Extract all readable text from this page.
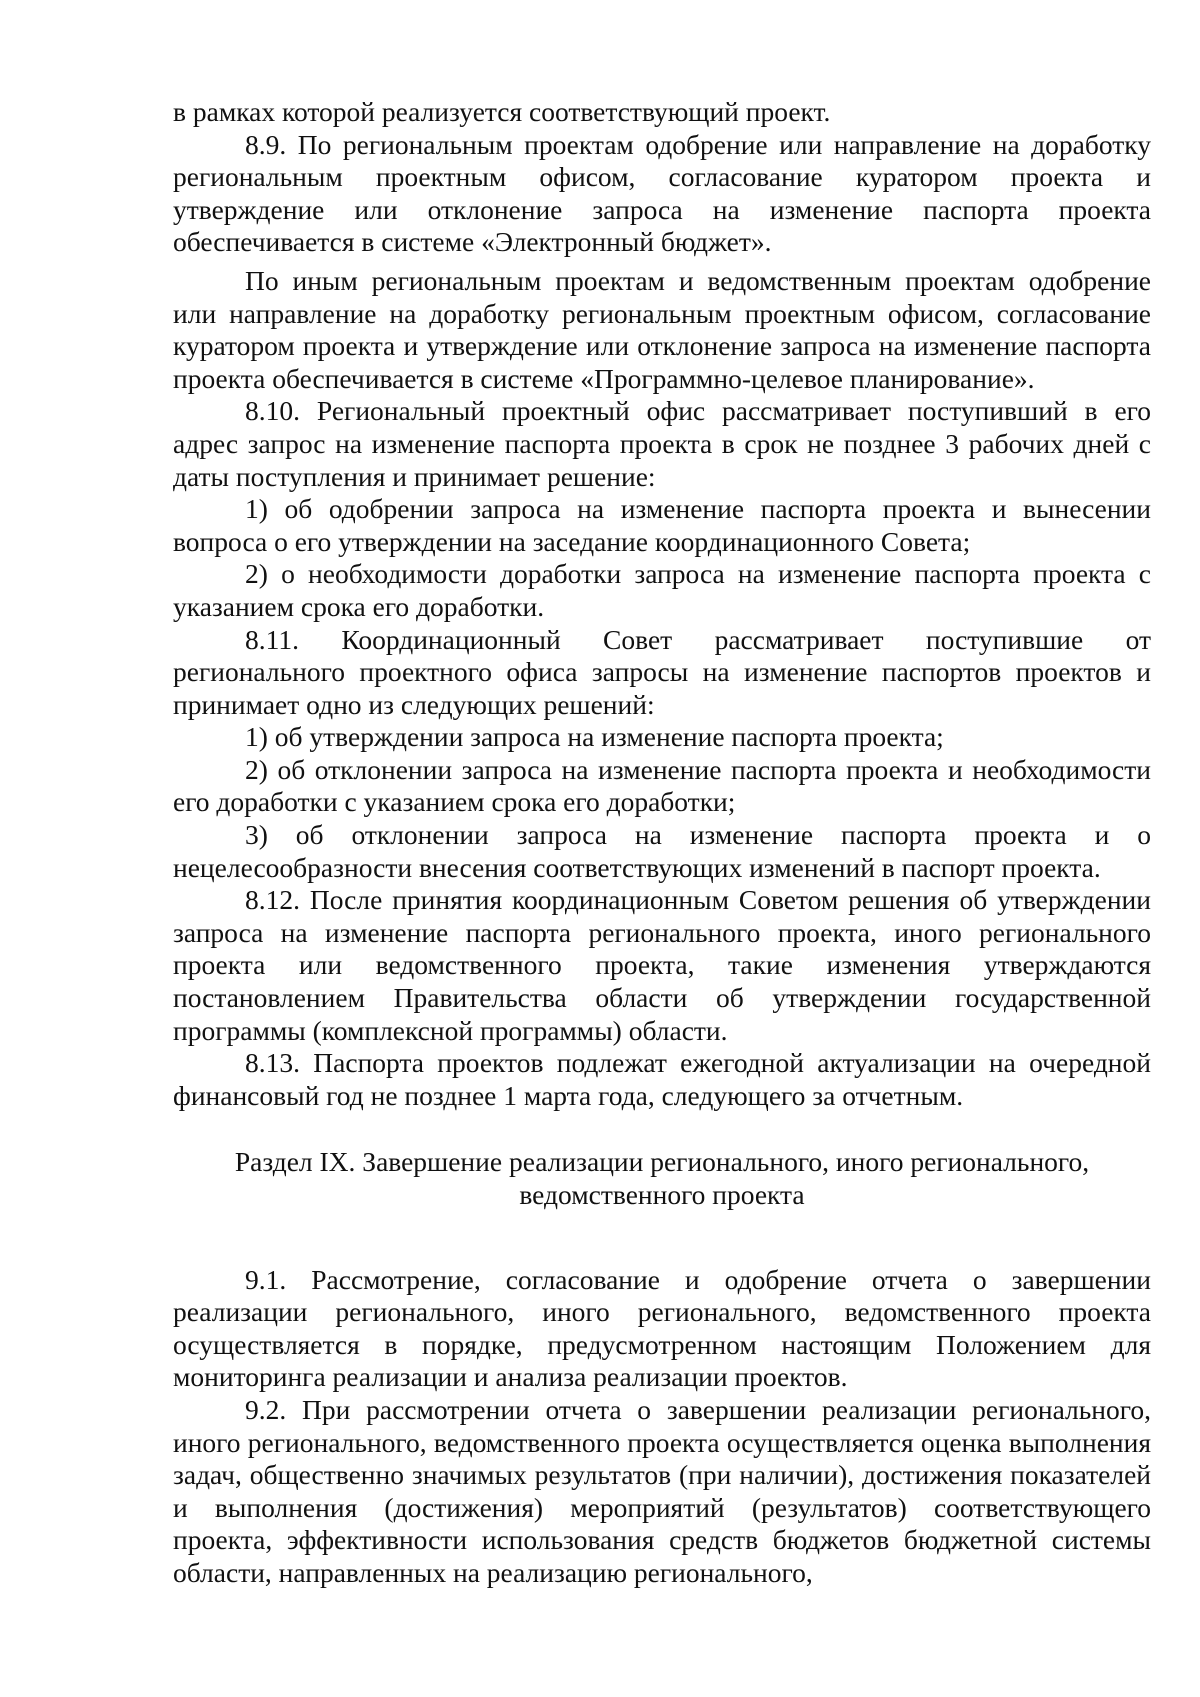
в рамках которой реализуется соответствующий проект.

8.9. По региональным проектам одобрение или направление на доработку региональным проектным офисом, согласование куратором проекта и утверждение или отклонение запроса на изменение паспорта проекта обеспечивается в системе «Электронный бюджет».

По иным региональным проектам и ведомственным проектам одобрение или направление на доработку региональным проектным офисом, согласование куратором проекта и утверждение или отклонение запроса на изменение паспорта проекта обеспечивается в системе «Программно-целевое планирование».

8.10. Региональный проектный офис рассматривает поступивший в его адрес запрос на изменение паспорта проекта в срок не позднее 3 рабочих дней с даты поступления и принимает решение:

1) об одобрении запроса на изменение паспорта проекта и вынесении вопроса о его утверждении на заседание координационного Совета;

2) о необходимости доработки запроса на изменение паспорта проекта с указанием срока его доработки.

8.11. Координационный Совет рассматривает поступившие от регионального проектного офиса запросы на изменение паспортов проектов и принимает одно из следующих решений:

1) об утверждении запроса на изменение паспорта проекта;

2) об отклонении запроса на изменение паспорта проекта и необходимости его доработки с указанием срока его доработки;

3) об отклонении запроса на изменение паспорта проекта и о нецелесообразности внесения соответствующих изменений в паспорт проекта.

8.12. После принятия координационным Советом решения об утверждении запроса на изменение паспорта регионального проекта, иного регионального проекта или ведомственного проекта, такие изменения утверждаются постановлением Правительства области об утверждении государственной программы (комплексной программы) области.

8.13. Паспорта проектов подлежат ежегодной актуализации на очередной финансовый год не позднее 1 марта года, следующего за отчетным.

Раздел IX. Завершение реализации регионального, иного регионального, ведомственного проекта

9.1. Рассмотрение, согласование и одобрение отчета о завершении реализации регионального, иного регионального, ведомственного проекта осуществляется в порядке, предусмотренном настоящим Положением для мониторинга реализации и анализа реализации проектов.

9.2. При рассмотрении отчета о завершении реализации регионального, иного регионального, ведомственного проекта осуществляется оценка выполнения задач, общественно значимых результатов (при наличии), достижения показателей и выполнения (достижения) мероприятий (результатов) соответствующего проекта, эффективности использования средств бюджетов бюджетной системы области, направленных на реализацию регионального,
